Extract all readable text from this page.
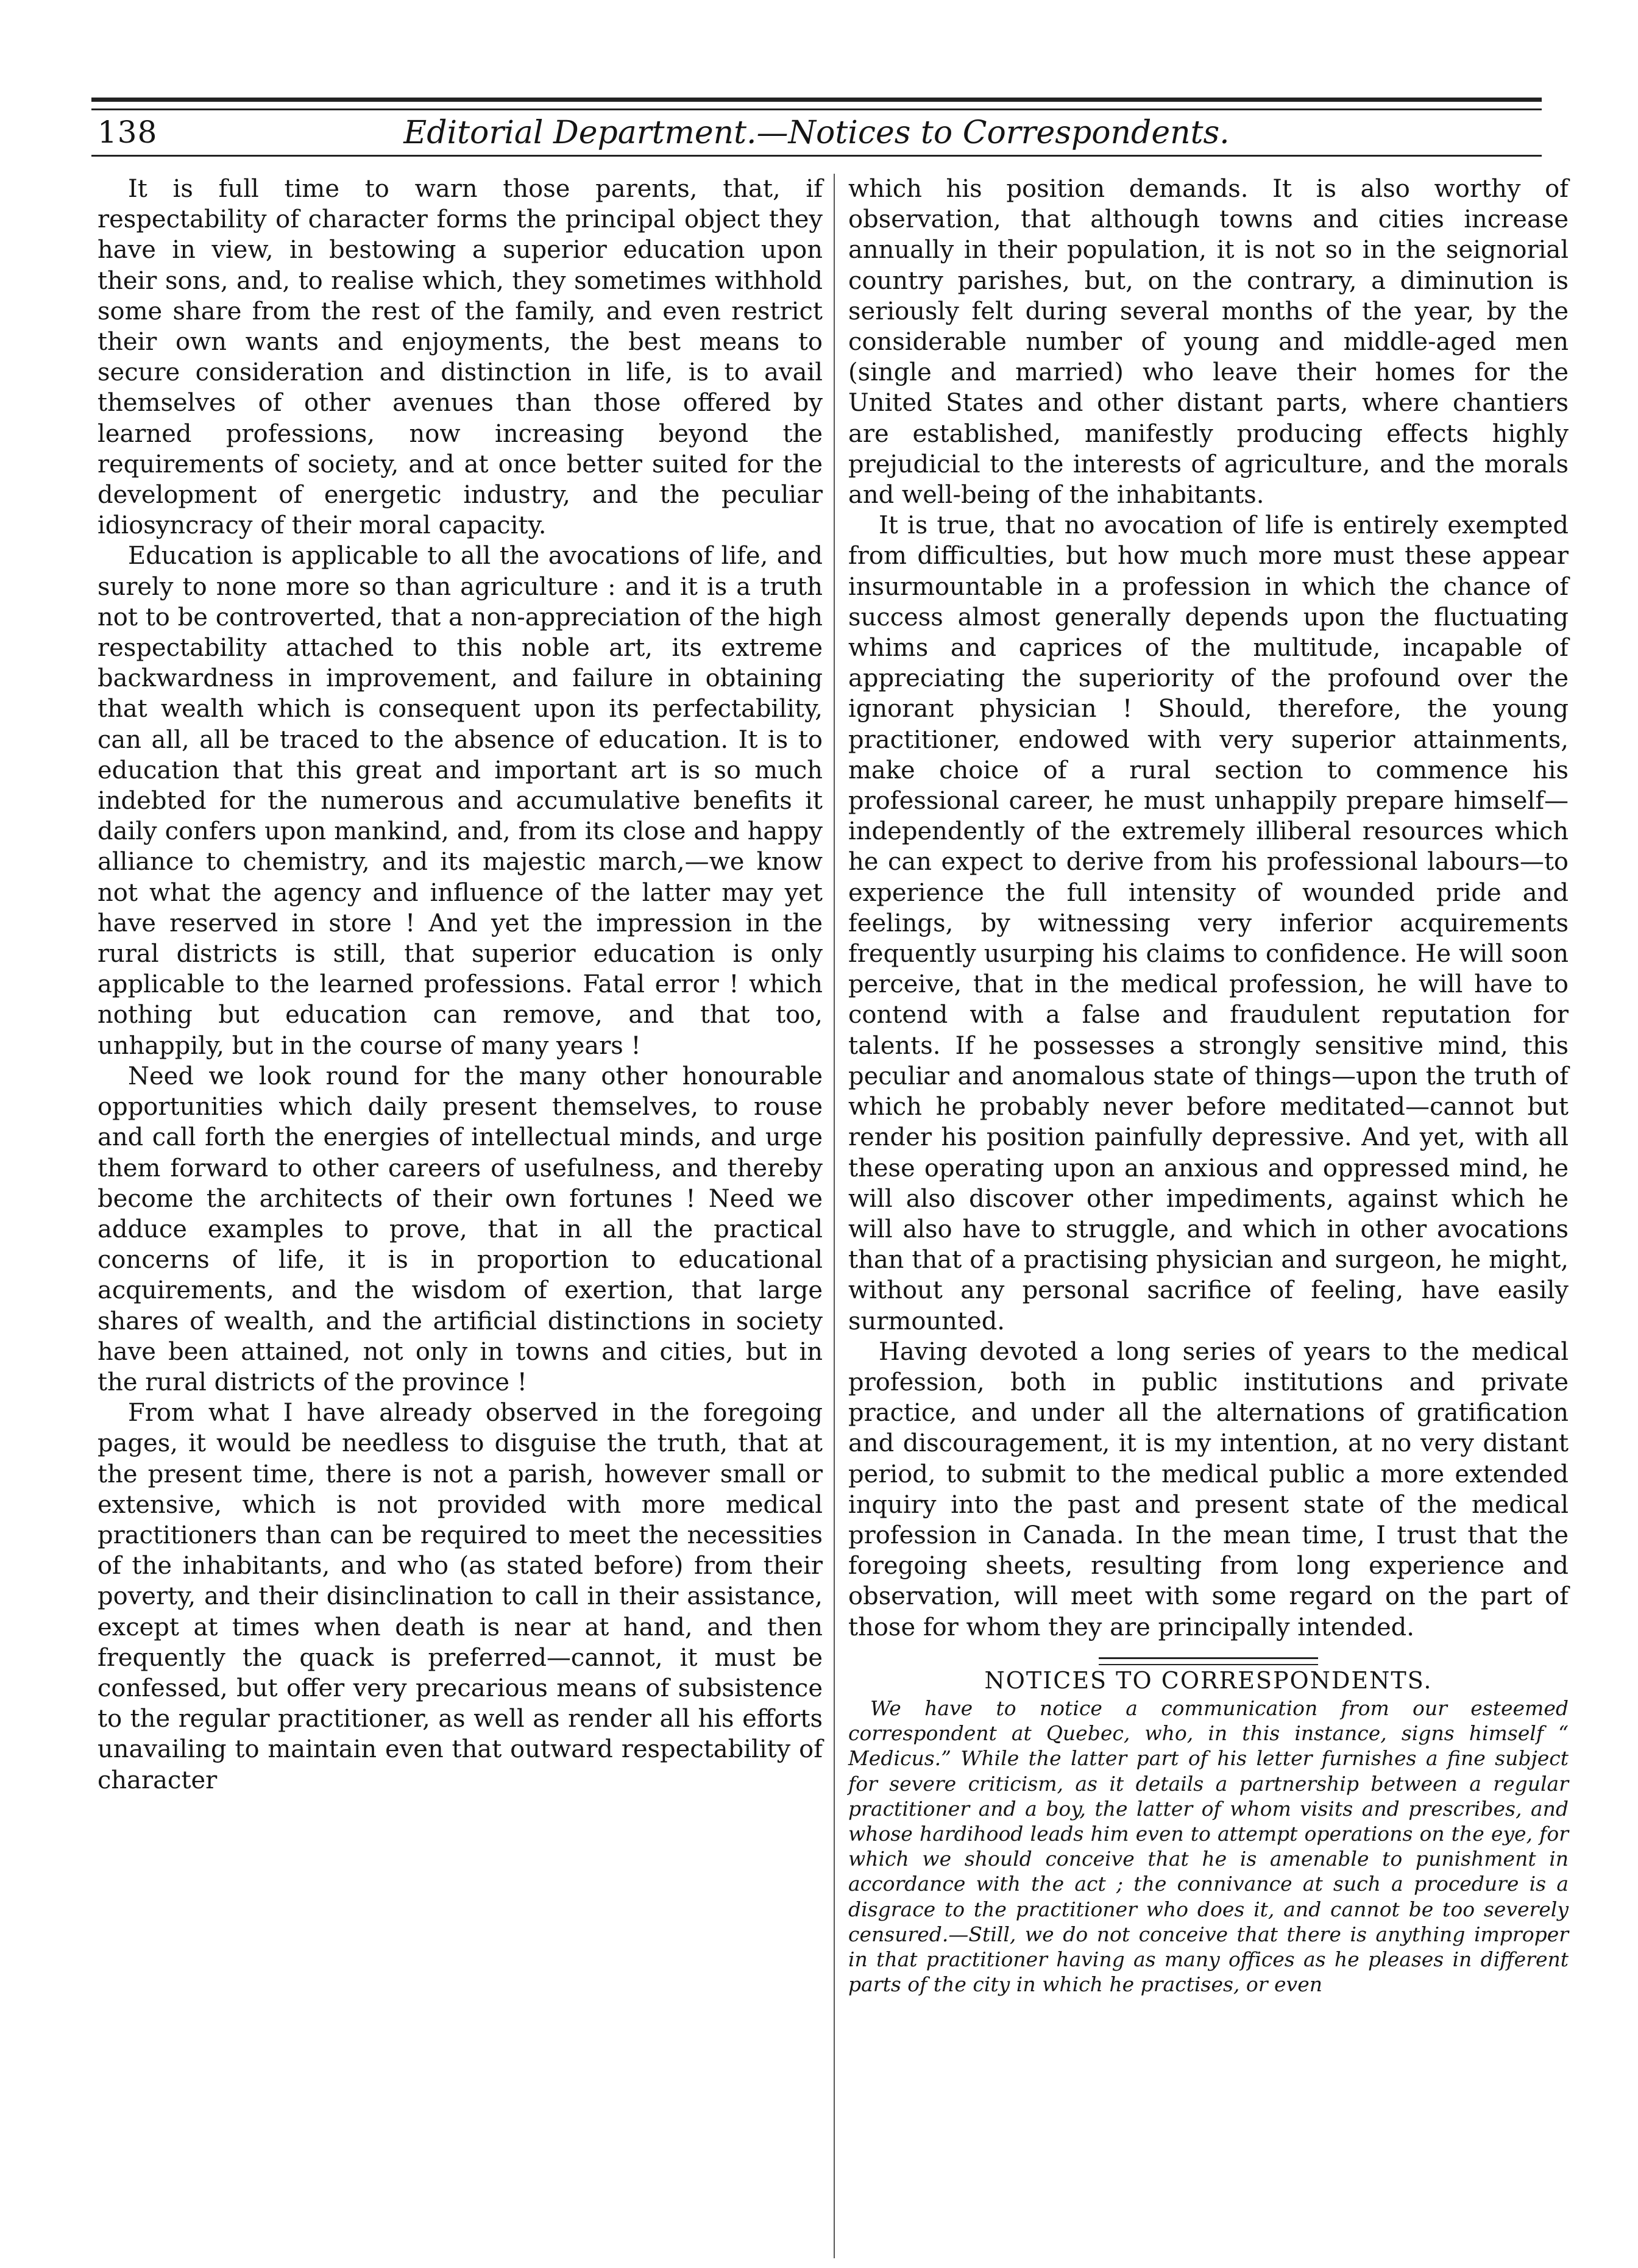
138	Editorial Department.—Notices to Correspondents.

It is full time to warn those parents, that, if respectability of character forms the principal object they have in view, in bestowing a superior education upon their sons, and, to realise which, they sometimes withhold some share from the rest of the family, and even restrict their own wants and enjoyments, the best means to secure consideration and distinction in life, is to avail themselves of other avenues than those offered by learned professions, now increasing beyond the requirements of society, and at once better suited for the development of energetic industry, and the peculiar idiosyncracy of their moral capacity.

Education is applicable to all the avocations of life, and surely to none more so than agriculture : and it is a truth not to be controverted, that a non-appreciation of the high respectability attached to this noble art, its extreme backwardness in improvement, and failure in obtaining that wealth which is consequent upon its perfectability, can all, all be traced to the absence of education. It is to education that this great and important art is so much indebted for the numerous and accumulative benefits it daily confers upon mankind, and, from its close and happy alliance to chemistry, and its majestic march,—we know not what the agency and influence of the latter may yet have reserved in store ! And yet the impression in the rural districts is still, that superior education is only applicable to the learned professions. Fatal error ! which nothing but education can remove, and that too, unhappily, but in the course of many years !

Need we look round for the many other honourable opportunities which daily present themselves, to rouse and call forth the energies of intellectual minds, and urge them forward to other careers of usefulness, and thereby become the architects of their own fortunes ! Need we adduce examples to prove, that in all the practical concerns of life, it is in proportion to educational acquirements, and the wisdom of exertion, that large shares of wealth, and the artificial distinctions in society have been attained, not only in towns and cities, but in the rural districts of the province !

From what I have already observed in the foregoing pages, it would be needless to disguise the truth, that at the present time, there is not a parish, however small or extensive, which is not provided with more medical practitioners than can be required to meet the necessities of the inhabitants, and who (as stated before) from their poverty, and their disinclination to call in their assistance, except at times when death is near at hand, and then frequently the quack is preferred—cannot, it must be confessed, but offer very precarious means of subsistence to the regular practitioner, as well as render all his efforts unavailing to maintain even that outward respectability of character

which his position demands. It is also worthy of observation, that although towns and cities increase annually in their population, it is not so in the seignorial country parishes, but, on the contrary, a diminution is seriously felt during several months of the year, by the considerable number of young and middle-aged men (single and married) who leave their homes for the United States and other distant parts, where chantiers are established, manifestly producing effects highly prejudicial to the interests of agriculture, and the morals and well-being of the inhabitants.

It is true, that no avocation of life is entirely exempted from difficulties, but how much more must these appear insurmountable in a profession in which the chance of success almost generally depends upon the fluctuating whims and caprices of the multitude, incapable of appreciating the superiority of the profound over the ignorant physician ! Should, therefore, the young practitioner, endowed with very superior attainments, make choice of a rural section to commence his professional career, he must unhappily prepare himself—independently of the extremely illiberal resources which he can expect to derive from his professional labours—to experience the full intensity of wounded pride and feelings, by witnessing very inferior acquirements frequently usurping his claims to confidence. He will soon perceive, that in the medical profession, he will have to contend with a false and fraudulent reputation for talents. If he possesses a strongly sensitive mind, this peculiar and anomalous state of things—upon the truth of which he probably never before meditated—cannot but render his position painfully depressive. And yet, with all these operating upon an anxious and oppressed mind, he will also discover other impediments, against which he will also have to struggle, and which in other avocations than that of a practising physician and surgeon, he might, without any personal sacrifice of feeling, have easily surmounted.

Having devoted a long series of years to the medical profession, both in public institutions and private practice, and under all the alternations of gratification and discouragement, it is my intention, at no very distant period, to submit to the medical public a more extended inquiry into the past and present state of the medical profession in Canada. In the mean time, I trust that the foregoing sheets, resulting from long experience and observation, will meet with some regard on the part of those for whom they are principally intended.

NOTICES TO CORRESPONDENTS.

We have to notice a communication from our esteemed correspondent at Quebec, who, in this instance, signs himself “ Medicus.” While the latter part of his letter furnishes a fine subject for severe criticism, as it details a partnership between a regular practitioner and a boy, the latter of whom visits and prescribes, and whose hardihood leads him even to attempt operations on the eye, for which we should conceive that he is amenable to punishment in accordance with the act ; the connivance at such a procedure is a disgrace to the practitioner who does it, and cannot be too severely censured.—Still, we do not conceive that there is anything improper in that practitioner having as many offices as he pleases in different parts of the city in which he practises, or even
